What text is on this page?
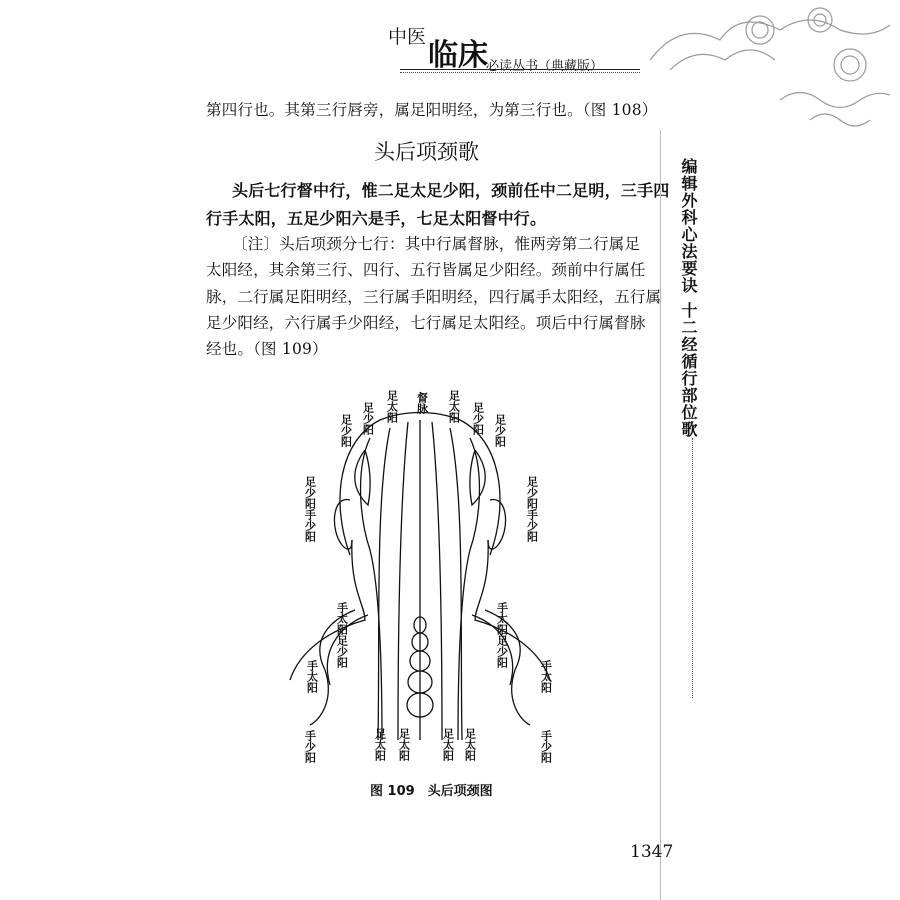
中医
临床
必读丛书（典藏版）
第四行也。其第三行唇旁，属足阳明经，为第三行也。（图 108）
头后项颈歌
头后七行督中行，惟二足太足少阳，颈前任中二足明，三手四
行手太阳，五足少阳六是手，七足太阳督中行。
〔注〕头后项颈分七行：其中行属督脉，惟两旁第二行属足
太阳经，其余第三行、四行、五行皆属足少阳经。颈前中行属任
脉，二行属足阳明经，三行属手阳明经，四行属手太阳经，五行属
足少阳经，六行属手少阳经，七行属足太阳经。项后中行属督脉
经也。（图 109）
编辑外科心法要诀
十二经循行部位歌
足少阳 足少阳 足太阳 督脉 足太阳 足少阳 足少阳
足少阳手少阳	足少阳手少阳
手太阳足少阳	手太阳足少阳
手太阳	手太阳
手少阳	手少阳
足太阳 足太阳	足太阳 足太阳
图 109　头后项颈图
1347
